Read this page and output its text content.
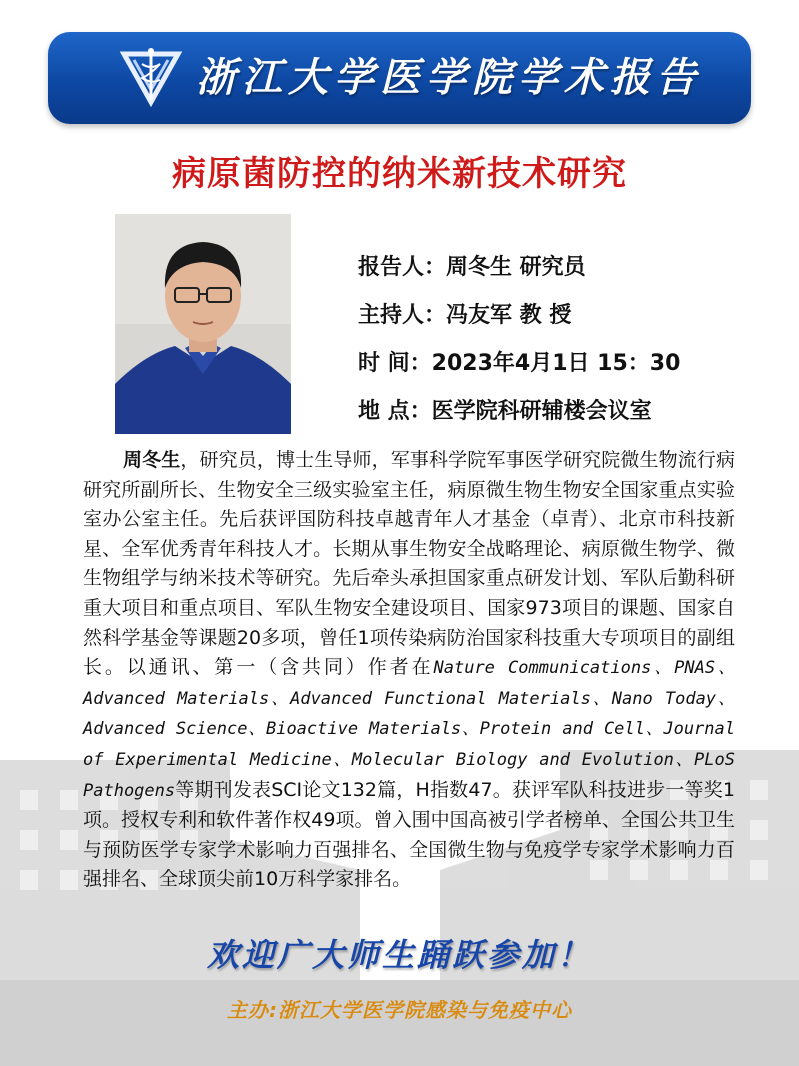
浙江大学医学院学术报告
病原菌防控的纳米新技术研究
报告人：周冬生 研究员
主持人：冯友军 教 授
时 间：2023年4月1日 15：30
地 点：医学院科研辅楼会议室
周冬生，研究员，博士生导师，军事科学院军事医学研究院微生物流行病研究所副所长、生物安全三级实验室主任，病原微生物生物安全国家重点实验室办公室主任。先后获评国防科技卓越青年人才基金（卓青）、北京市科技新星、全军优秀青年科技人才。长期从事生物安全战略理论、病原微生物学、微生物组学与纳米技术等研究。先后牵头承担国家重点研发计划、军队后勤科研重大项目和重点项目、军队生物安全建设项目、国家973项目的课题、国家自然科学基金等课题20多项，曾任1项传染病防治国家科技重大专项项目的副组长。以通讯、第一（含共同）作者在Nature Communications、PNAS、Advanced Materials、Advanced Functional Materials、Nano Today、Advanced Science、Bioactive Materials、Protein and Cell、Journal of Experimental Medicine、Molecular Biology and Evolution、PLoS Pathogens等期刊发表SCI论文132篇，H指数47。获评军队科技进步一等奖1项。授权专利和软件著作权49项。曾入围中国高被引学者榜单、全国公共卫生与预防医学专家学术影响力百强排名、全国微生物与免疫学专家学术影响力百强排名、全球顶尖前10万科学家排名。
欢迎广大师生踊跃参加！
主办:浙江大学医学院感染与免疫中心
